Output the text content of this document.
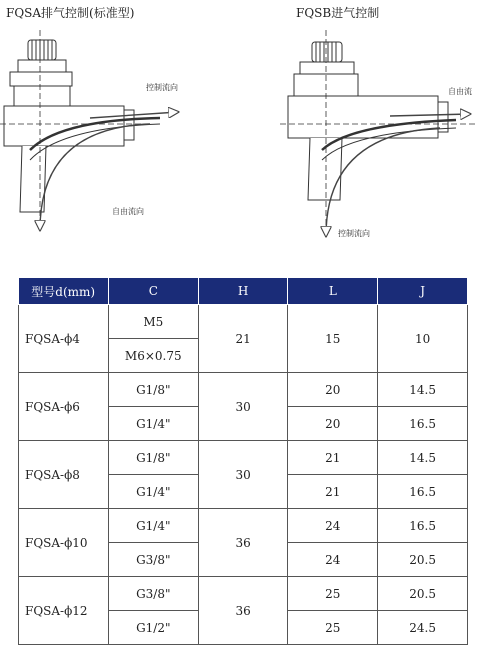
FQSA排气控制(标准型)	FQSB进气控制
控制流向
自由流向
自由流
控制流向
型号d(mm)	C	H	L	J
FQSA-ϕ4	M5	21	15	10
	M6×0.75			
FQSA-ϕ6	G1/8"	30	20	14.5
	G1/4"		20	16.5
FQSA-ϕ8	G1/8"	30	21	14.5
	G1/4"		21	16.5
FQSA-ϕ10	G1/4"	36	24	16.5
	G3/8"		24	20.5
FQSA-ϕ12	G3/8"	36	25	20.5
	G1/2"		25	24.5
